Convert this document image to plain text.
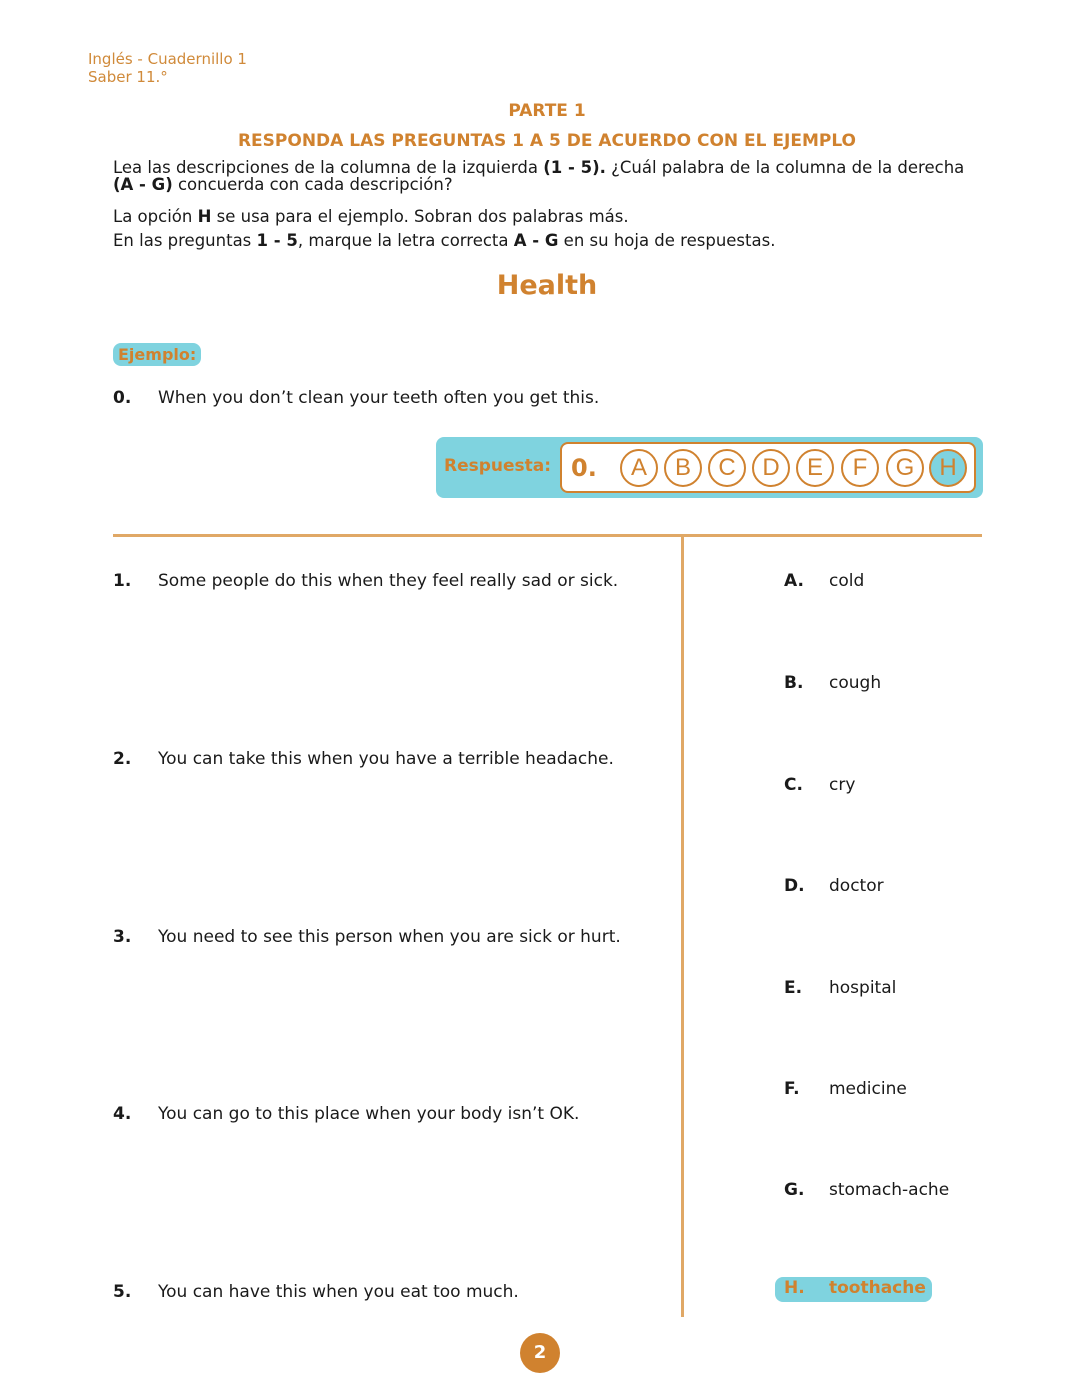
Inglés - Cuadernillo 1
Saber 11.°
PARTE 1
RESPONDA LAS PREGUNTAS 1 A 5 DE ACUERDO CON EL EJEMPLO
Lea las descripciones de la columna de la izquierda (1 - 5). ¿Cuál palabra de la columna de la derecha (A - G) concuerda con cada descripción?
La opción H se usa para el ejemplo. Sobran dos palabras más.
En las preguntas 1 - 5, marque la letra correcta A - G en su hoja de respuestas.
Health
Ejemplo:
0. When you don’t clean your teeth often you get this.
Respuesta: 0.	A	B	C	D	E	F	G	H
1. Some people do this when they feel really sad or sick.
2. You can take this when you have a terrible headache.
3. You need to see this person when you are sick or hurt.
4. You can go to this place when your body isn’t OK.
5. You can have this when you eat too much.
A. cold
B. cough
C. cry
D. doctor
E. hospital
F. medicine
G. stomach-ache
H. toothache
2
